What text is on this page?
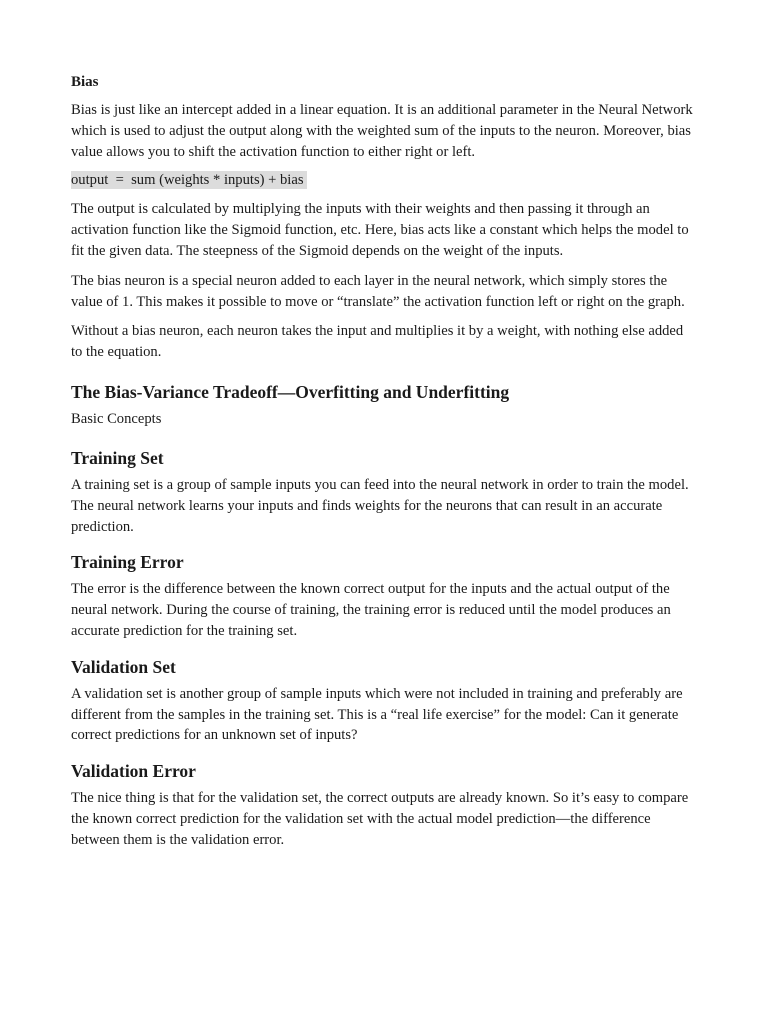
Bias

Bias is just like an intercept added in a linear equation. It is an additional parameter in the Neural Network which is used to adjust the output along with the weighted sum of the inputs to the neuron. Moreover, bias value allows you to shift the activation function to either right or left.

output  =  sum (weights * inputs) + bias

The output is calculated by multiplying the inputs with their weights and then passing it through an activation function like the Sigmoid function, etc. Here, bias acts like a constant which helps the model to fit the given data. The steepness of the Sigmoid depends on the weight of the inputs.

The bias neuron is a special neuron added to each layer in the neural network, which simply stores the value of 1. This makes it possible to move or “translate” the activation function left or right on the graph.

Without a bias neuron, each neuron takes the input and multiplies it by a weight, with nothing else added to the equation.

The Bias-Variance Tradeoff—Overfitting and Underfitting
Basic Concepts
Training Set

A training set is a group of sample inputs you can feed into the neural network in order to train the model. The neural network learns your inputs and finds weights for the neurons that can result in an accurate prediction.

Training Error

The error is the difference between the known correct output for the inputs and the actual output of the neural network. During the course of training, the training error is reduced until the model produces an accurate prediction for the training set.

Validation Set

A validation set is another group of sample inputs which were not included in training and preferably are different from the samples in the training set. This is a “real life exercise” for the model: Can it generate correct predictions for an unknown set of inputs?

Validation Error

The nice thing is that for the validation set, the correct outputs are already known. So it’s easy to compare the known correct prediction for the validation set with the actual model prediction—the difference between them is the validation error.
